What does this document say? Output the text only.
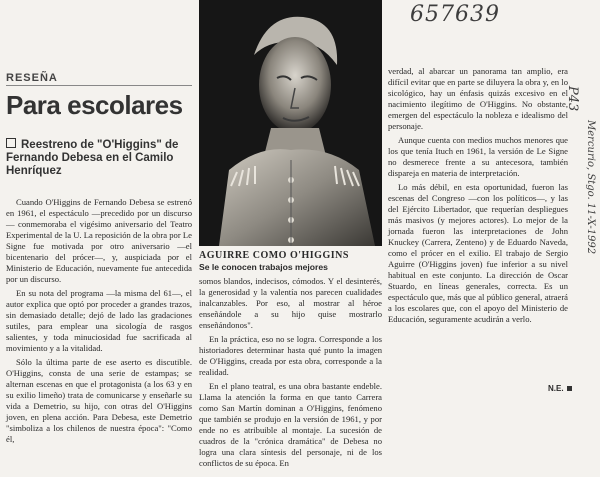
657639
P43
Mercurio, Stgo. 11-X-1992
RESEÑA
Para escolares
Reestreno de "O'Higgins" de Fernando Debesa en el Camilo Henríquez
AGUIRRE COMO O'HIGGINS
Se le conocen trabajos mejores

Cuando O'Higgins de Fernando Debesa se estrenó en 1961, el espectáculo —precedido por un discurso— conmemoraba el vigésimo aniversario del Teatro Experimental de la U. La reposición de la obra por Le Signe fue motivada por otro aniversario —el bicentenario del prócer—, y, auspiciada por el Ministerio de Educación, nuevamente fue antecedida por un discurso.

En su nota del programa —la misma del 61—, el autor explica que optó por proceder a grandes trazos, sin demasiado detalle; dejó de lado las gradaciones sutiles, para emplear una sicología de rasgos salientes, y toda minuciosidad fue sacrificada al movimiento y a la vitalidad.

Sólo la última parte de ese aserto es discutible. O'Higgins, consta de una serie de estampas; se alternan escenas en que el protagonista (a los 63 y en su exilio limeño) trata de comunicarse y enseñarle su vida a Demetrio, su hijo, con otras del O'Higgins joven, en plena acción. Para Debesa, este Demetrio "simboliza a los chilenos de nuestra época": "Como él,

somos blandos, indecisos, cómodos. Y el desinterés, la generosidad y la valentía nos parecen cualidades inalcanzables. Por eso, al mostrar al héroe enseñándole a su hijo quise mostrarlo enseñándonos".

En la práctica, eso no se logra. Corresponde a los historiadores determinar hasta qué punto la imagen de O'Higgins, creada por esta obra, corresponde a la realidad.

En el plano teatral, es una obra bastante endeble. Llama la atención la forma en que tanto Carrera como San Martín dominan a O'Higgins, fenómeno que también se produjo en la versión de 1961, y por ende no es atribuible al montaje. La sucesión de cuadros de la "crónica dramática" de Debesa no logra una clara síntesis del personaje, ni de los conflictos de su época. En

verdad, al abarcar un panorama tan amplio, era difícil evitar que en parte se diluyera la obra y, en lo sicológico, hay un énfasis quizás excesivo en el nacimiento ilegítimo de O'Higgins. No obstante, emergen del espectáculo la nobleza e idealismo del personaje.

Aunque cuenta con medios muchos menores que los que tenía Ituch en 1961, la versión de Le Signe no desmerece frente a su antecesora, también dispareja en materia de interpretación.

Lo más débil, en esta oportunidad, fueron las escenas del Congreso —con los políticos—, y las del Ejército Libertador, que requerían despliegues más masivos (y mejores actores). Lo mejor de la jornada fueron las interpretaciones de John Knuckey (Carrera, Zenteno) y de Eduardo Naveda, como el prócer en el exilio. El trabajo de Sergio Aguirre (O'Higgins joven) fue inferior a su nivel habitual en este conjunto. La dirección de Oscar Stuardo, en líneas generales, correcta. Es un espectáculo que, más que al público general, atraerá a los escolares que, con el apoyo del Ministerio de Educación, seguramente acudirán a verlo.

N.E.
